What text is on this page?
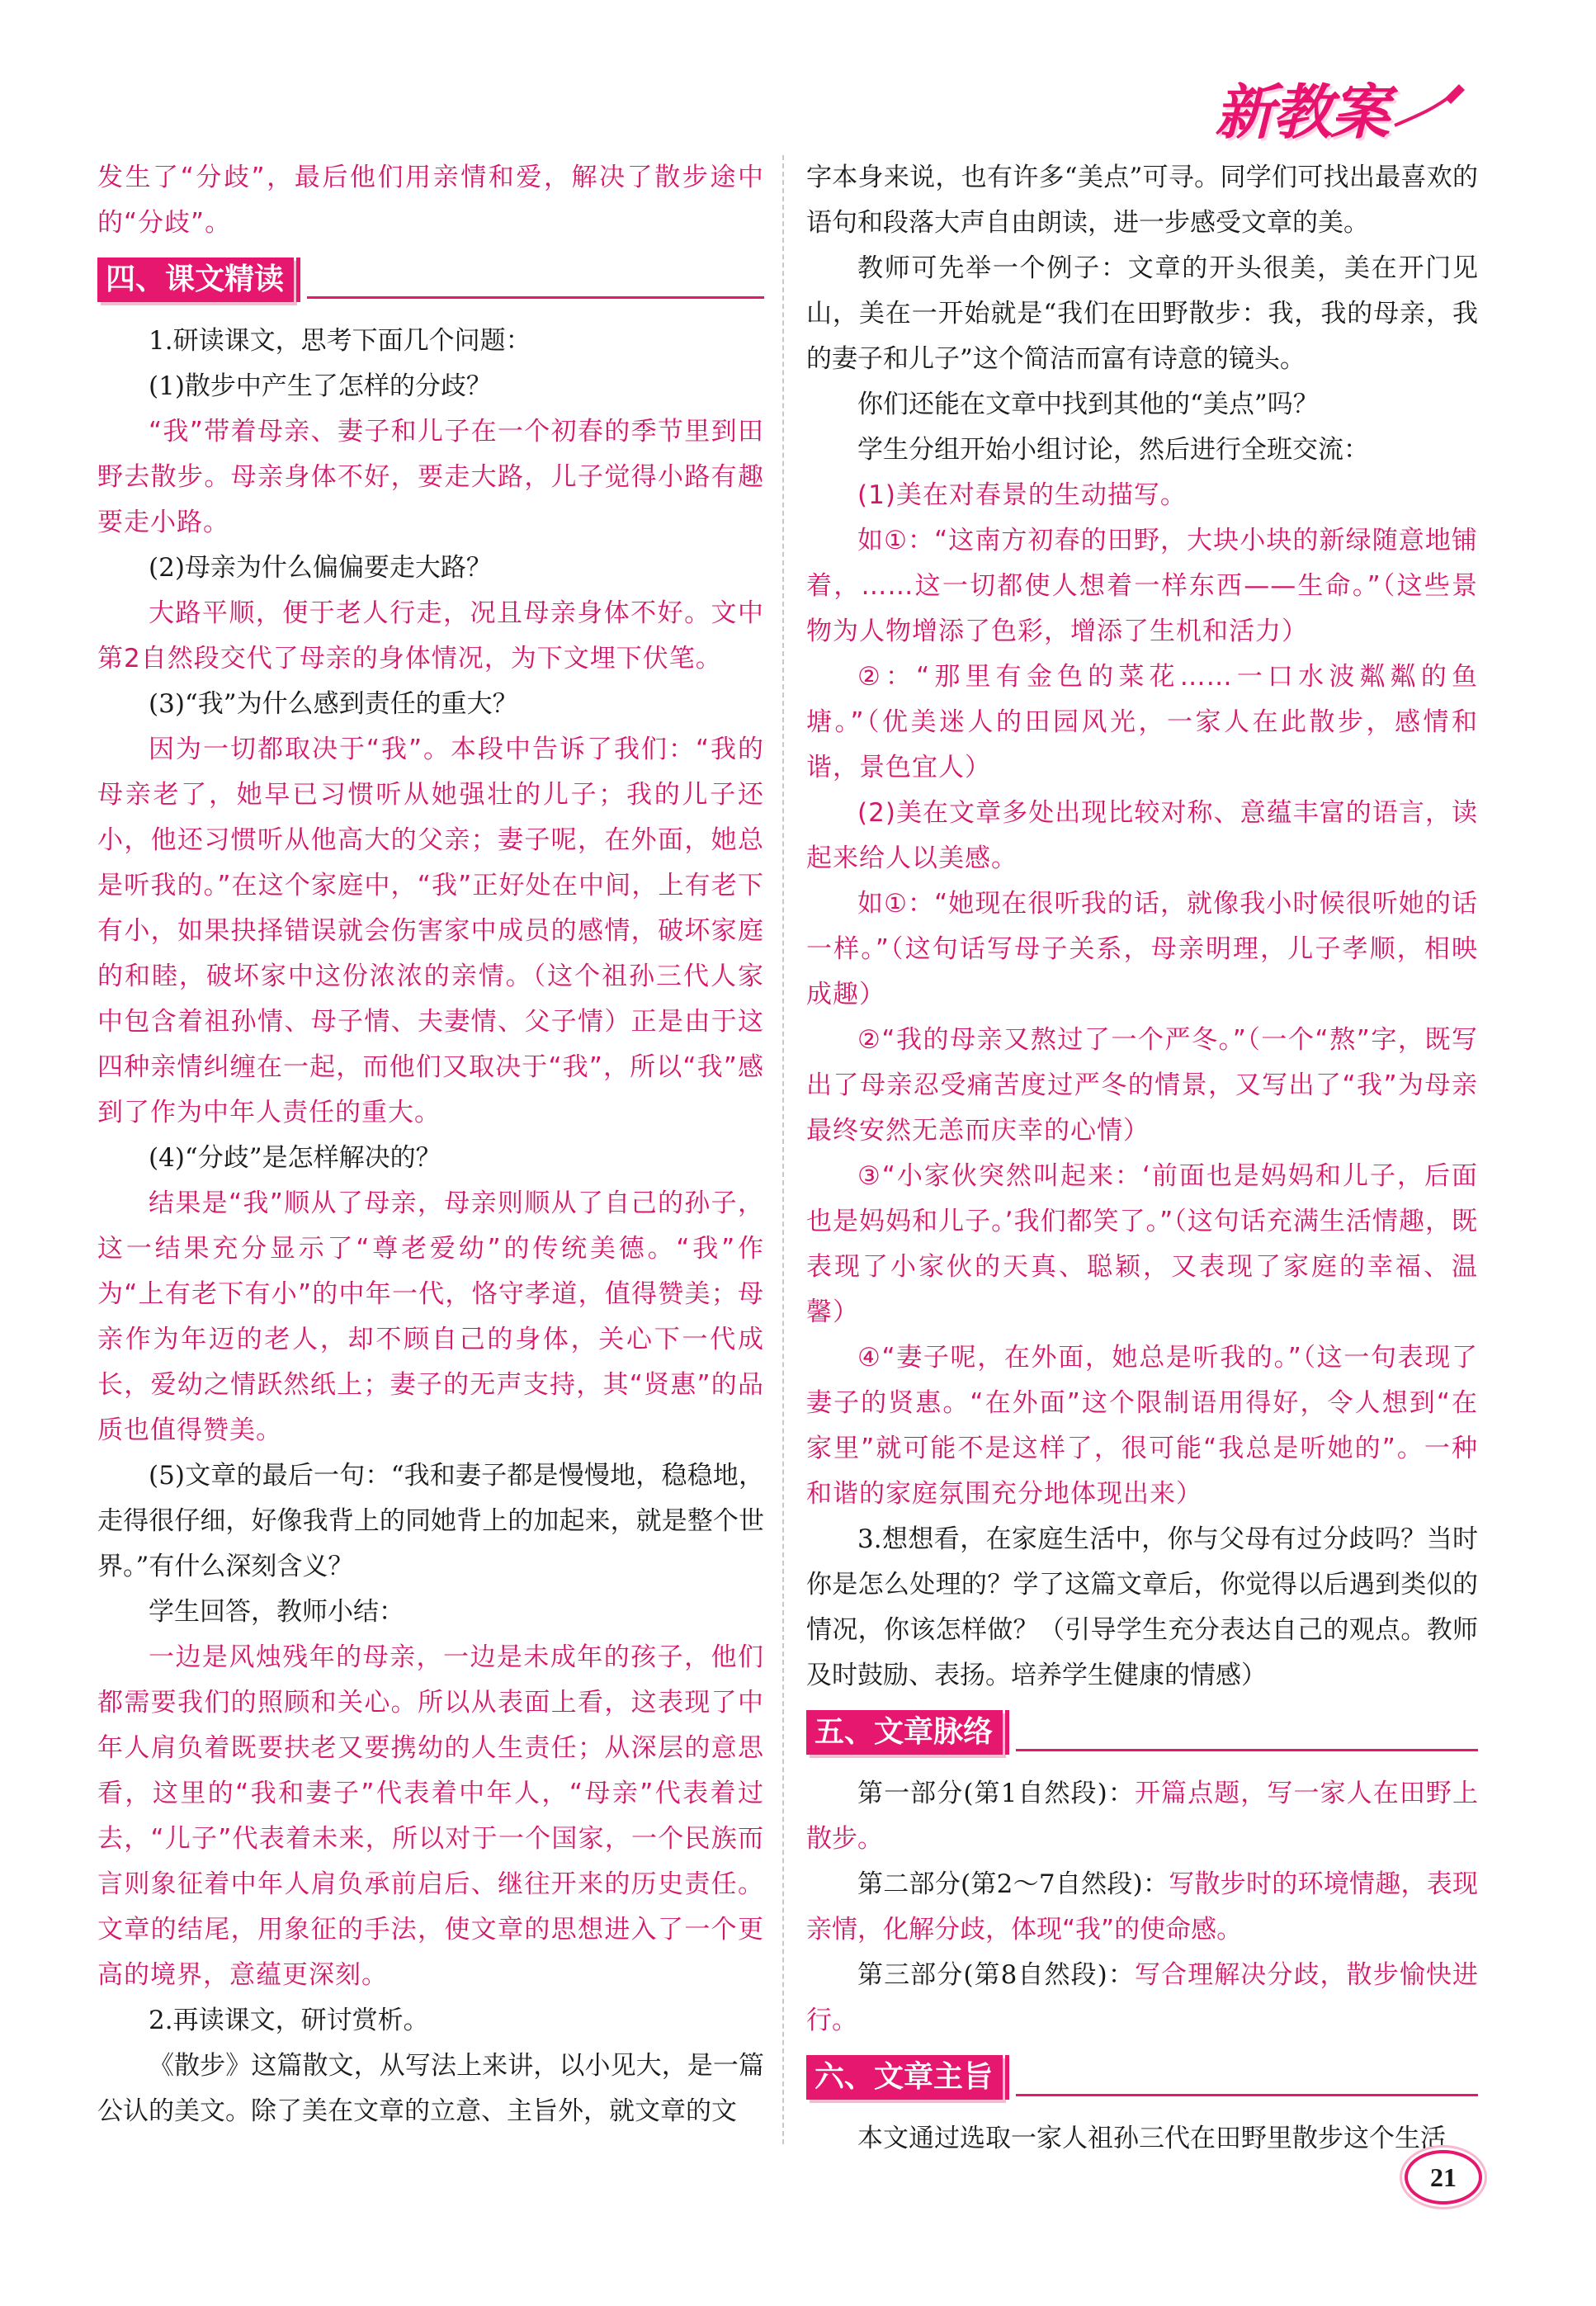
新教案

发生了“分歧”，最后他们用亲情和爱，解决了散步途中的“分歧”。

四、课文精读

1.研读课文，思考下面几个问题：

(1)散步中产生了怎样的分歧？

“我”带着母亲、妻子和儿子在一个初春的季节里到田野去散步。母亲身体不好，要走大路，儿子觉得小路有趣要走小路。

(2)母亲为什么偏偏要走大路？

大路平顺，便于老人行走，况且母亲身体不好。文中第2自然段交代了母亲的身体情况，为下文埋下伏笔。

(3)“我”为什么感到责任的重大？

因为一切都取决于“我”。本段中告诉了我们：“我的母亲老了，她早已习惯听从她强壮的儿子；我的儿子还小，他还习惯听从他高大的父亲；妻子呢，在外面，她总是听我的。”在这个家庭中，“我”正好处在中间，上有老下有小，如果抉择错误就会伤害家中成员的感情，破坏家庭的和睦，破坏家中这份浓浓的亲情。（这个祖孙三代人家中包含着祖孙情、母子情、夫妻情、父子情）正是由于这四种亲情纠缠在一起，而他们又取决于“我”，所以“我”感到了作为中年人责任的重大。

(4)“分歧”是怎样解决的？

结果是“我”顺从了母亲，母亲则顺从了自己的孙子，这一结果充分显示了“尊老爱幼”的传统美德。“我”作为“上有老下有小”的中年一代，恪守孝道，值得赞美；母亲作为年迈的老人，却不顾自己的身体，关心下一代成长，爱幼之情跃然纸上；妻子的无声支持，其“贤惠”的品质也值得赞美。

(5)文章的最后一句：“我和妻子都是慢慢地，稳稳地，走得很仔细，好像我背上的同她背上的加起来，就是整个世界。”有什么深刻含义？

学生回答，教师小结：

一边是风烛残年的母亲，一边是未成年的孩子，他们都需要我们的照顾和关心。所以从表面上看，这表现了中年人肩负着既要扶老又要携幼的人生责任；从深层的意思看，这里的“我和妻子”代表着中年人，“母亲”代表着过去，“儿子”代表着未来，所以对于一个国家，一个民族而言则象征着中年人肩负承前启后、继往开来的历史责任。文章的结尾，用象征的手法，使文章的思想进入了一个更高的境界，意蕴更深刻。

2.再读课文，研讨赏析。

《散步》这篇散文，从写法上来讲，以小见大，是一篇公认的美文。除了美在文章的立意、主旨外，就文章的文

字本身来说，也有许多“美点”可寻。同学们可找出最喜欢的语句和段落大声自由朗读，进一步感受文章的美。

教师可先举一个例子：文章的开头很美，美在开门见山，美在一开始就是“我们在田野散步：我，我的母亲，我的妻子和儿子”这个简洁而富有诗意的镜头。

你们还能在文章中找到其他的“美点”吗？

学生分组开始小组讨论，然后进行全班交流：

(1)美在对春景的生动描写。

如①：“这南方初春的田野，大块小块的新绿随意地铺着，……这一切都使人想着一样东西——生命。”（这些景物为人物增添了色彩，增添了生机和活力）

②：“那里有金色的菜花……一口水波粼粼的鱼塘。”（优美迷人的田园风光，一家人在此散步，感情和谐，景色宜人）

(2)美在文章多处出现比较对称、意蕴丰富的语言，读起来给人以美感。

如①：“她现在很听我的话，就像我小时候很听她的话一样。”（这句话写母子关系，母亲明理，儿子孝顺，相映成趣）

②“我的母亲又熬过了一个严冬。”（一个“熬”字，既写出了母亲忍受痛苦度过严冬的情景，又写出了“我”为母亲最终安然无恙而庆幸的心情）

③“小家伙突然叫起来：‘前面也是妈妈和儿子，后面也是妈妈和儿子。’我们都笑了。”（这句话充满生活情趣，既表现了小家伙的天真、聪颖，又表现了家庭的幸福、温馨）

④“妻子呢，在外面，她总是听我的。”（这一句表现了妻子的贤惠。“在外面”这个限制语用得好，令人想到“在家里”就可能不是这样了，很可能“我总是听她的”。一种和谐的家庭氛围充分地体现出来）

3.想想看，在家庭生活中，你与父母有过分歧吗？当时你是怎么处理的？学了这篇文章后，你觉得以后遇到类似的情况，你该怎样做？（引导学生充分表达自己的观点。教师及时鼓励、表扬。培养学生健康的情感）

五、文章脉络

第一部分(第1自然段)：开篇点题，写一家人在田野上散步。

第二部分(第2～7自然段)：写散步时的环境情趣，表现亲情，化解分歧，体现“我”的使命感。

第三部分(第8自然段)：写合理解决分歧，散步愉快进行。

六、文章主旨

本文通过选取一家人祖孙三代在田野里散步这个生活

21
